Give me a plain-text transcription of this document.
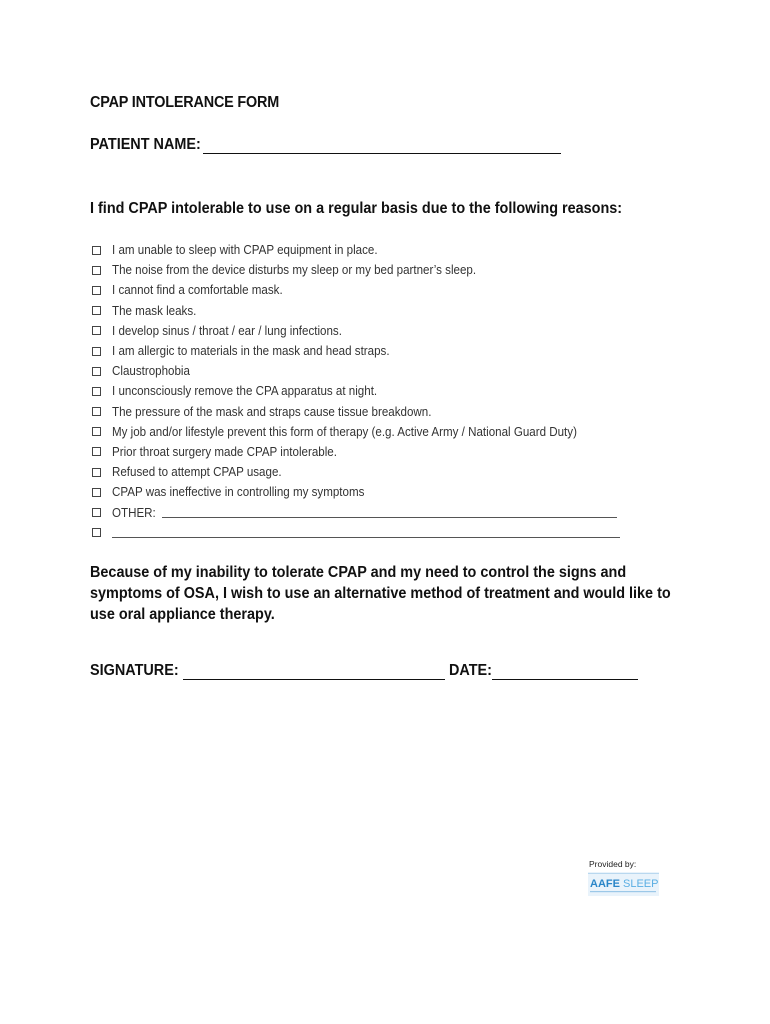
CPAP INTOLERANCE FORM
PATIENT NAME:
I find CPAP intolerable to use on a regular basis due to the following reasons:
I am unable to sleep with CPAP equipment in place.
The noise from the device disturbs my sleep or my bed partner’s sleep.
I cannot find a comfortable mask.
The mask leaks.
I develop sinus / throat / ear / lung infections.
I am allergic to materials in the mask and head straps.
Claustrophobia
I unconsciously remove the CPA apparatus at night.
The pressure of the mask and straps cause tissue breakdown.
My job and/or lifestyle prevent this form of therapy (e.g. Active Army / National Guard Duty)
Prior throat surgery made CPAP intolerable.
Refused to attempt CPAP usage.
CPAP was ineffective in controlling my symptoms
OTHER:
Because of my inability to tolerate CPAP and my need to control the signs and
symptoms of OSA, I wish to use an alternative method of treatment and would like to
use oral appliance therapy.
SIGNATURE:	DATE:
Provided by:
AAFE SLEEP
